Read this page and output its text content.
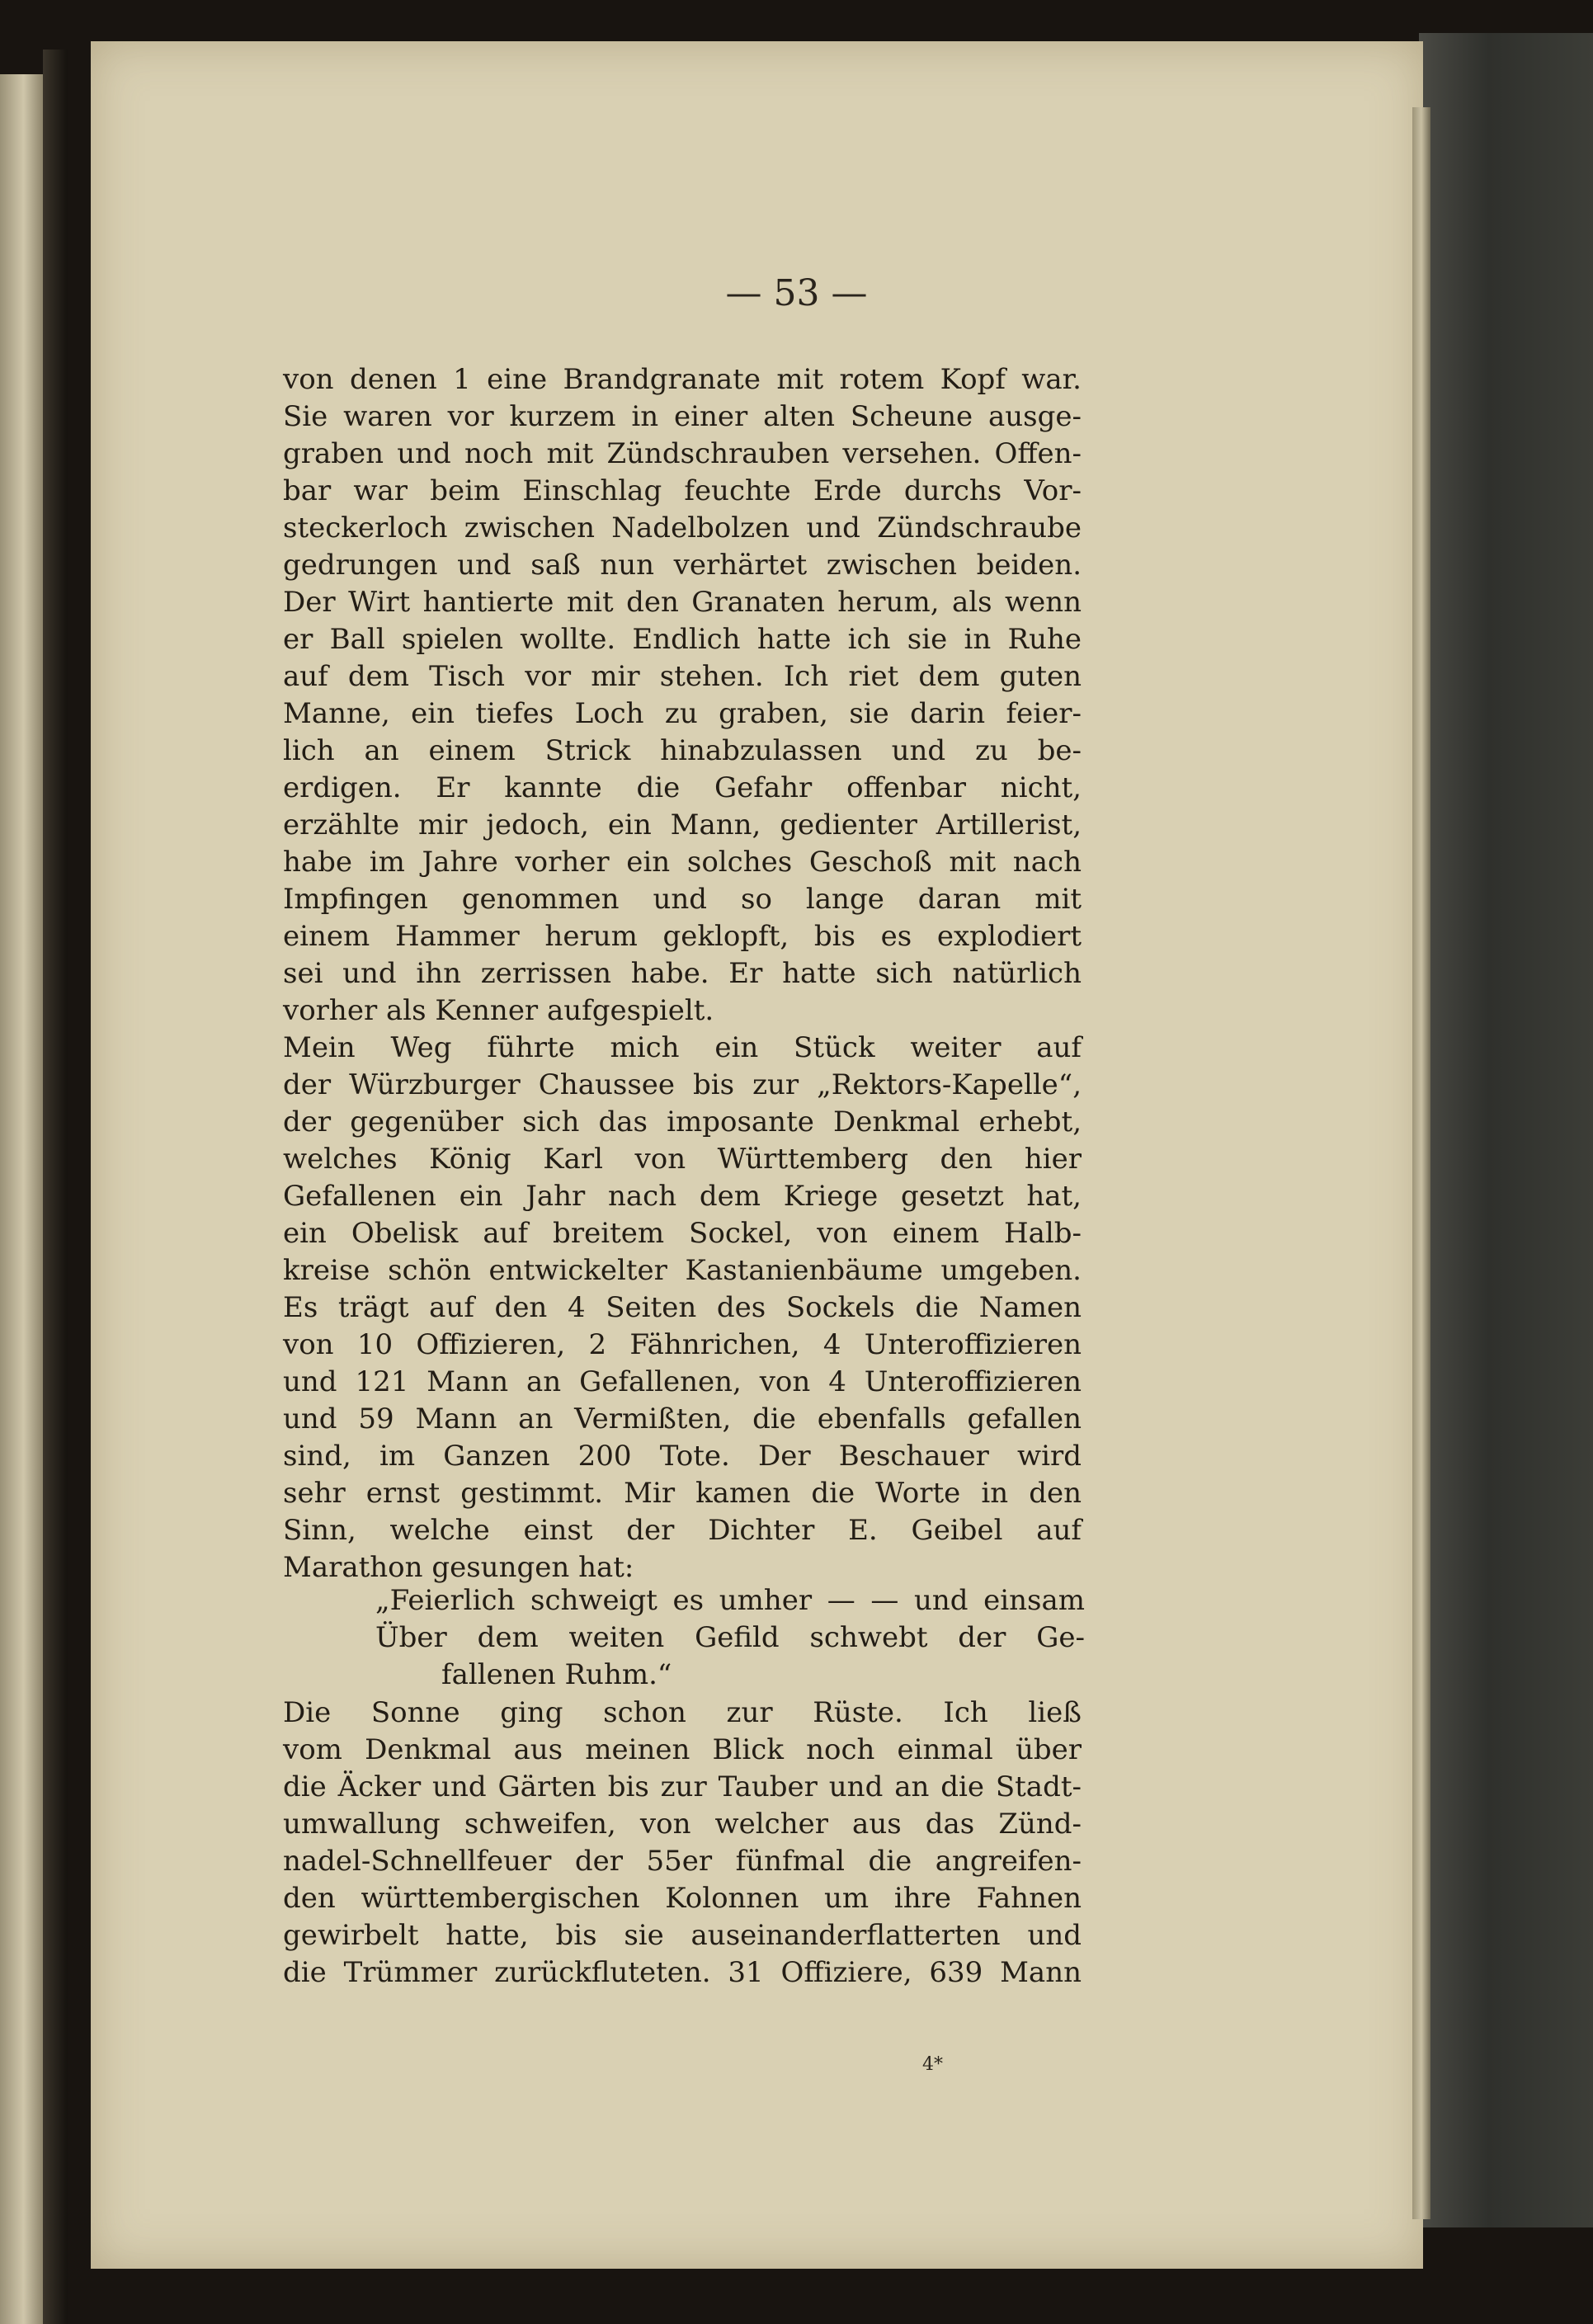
— 53 —
von denen 1 eine Brandgranate mit rotem Kopf war.
Sie waren vor kurzem in einer alten Scheune ausge-
graben und noch mit Zündschrauben versehen. Offen-
bar war beim Einschlag feuchte Erde durchs Vor-
steckerloch zwischen Nadelbolzen und Zündschraube
gedrungen und saß nun verhärtet zwischen beiden.
Der Wirt hantierte mit den Granaten herum, als wenn
er Ball spielen wollte. Endlich hatte ich sie in Ruhe
auf dem Tisch vor mir stehen. Ich riet dem guten
Manne, ein tiefes Loch zu graben, sie darin feier-
lich an einem Strick hinabzulassen und zu be-
erdigen. Er kannte die Gefahr offenbar nicht,
erzählte mir jedoch, ein Mann, gedienter Artillerist,
habe im Jahre vorher ein solches Geschoß mit nach
Impfingen genommen und so lange daran mit
einem Hammer herum geklopft, bis es explodiert
sei und ihn zerrissen habe. Er hatte sich natürlich
vorher als Kenner aufgespielt.
Mein Weg führte mich ein Stück weiter auf
der Würzburger Chaussee bis zur „Rektors-Kapelle“,
der gegenüber sich das imposante Denkmal erhebt,
welches König Karl von Württemberg den hier
Gefallenen ein Jahr nach dem Kriege gesetzt hat,
ein Obelisk auf breitem Sockel, von einem Halb-
kreise schön entwickelter Kastanienbäume umgeben.
Es trägt auf den 4 Seiten des Sockels die Namen
von 10 Offizieren, 2 Fähnrichen, 4 Unteroffizieren
und 121 Mann an Gefallenen, von 4 Unteroffizieren
und 59 Mann an Vermißten, die ebenfalls gefallen
sind, im Ganzen 200 Tote. Der Beschauer wird
sehr ernst gestimmt. Mir kamen die Worte in den
Sinn, welche einst der Dichter E. Geibel auf
Marathon gesungen hat:
„Feierlich schweigt es umher — — und einsam
Über dem weiten Gefild schwebt der Ge-
fallenen Ruhm.“
Die Sonne ging schon zur Rüste. Ich ließ
vom Denkmal aus meinen Blick noch einmal über
die Äcker und Gärten bis zur Tauber und an die Stadt-
umwallung schweifen, von welcher aus das Zünd-
nadel-Schnellfeuer der 55er fünfmal die angreifen-
den württembergischen Kolonnen um ihre Fahnen
gewirbelt hatte, bis sie auseinanderflatterten und
die Trümmer zurückfluteten. 31 Offiziere, 639 Mann
4*
